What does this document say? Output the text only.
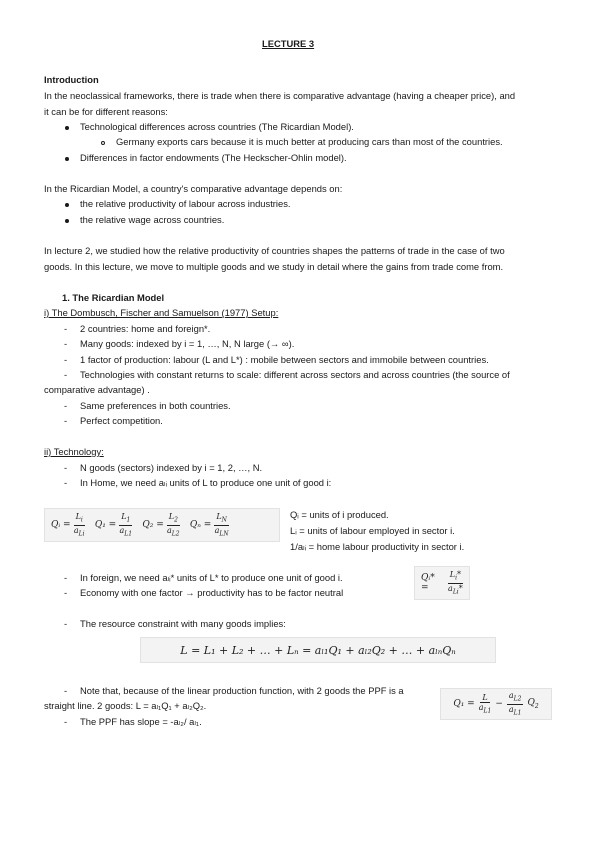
LECTURE 3
Introduction
In the neoclassical frameworks, there is trade when there is comparative advantage (having a cheaper price), and
it can be for different reasons:
Technological differences across countries (The Ricardian Model).
Germany exports cars because it is much better at producing cars than most of the countries.
Differences in factor endowments (The Heckscher-Ohlin model).
In the Ricardian Model, a country's comparative advantage depends on:
the relative productivity of labour across industries.
the relative wage across countries.
In lecture 2, we studied how the relative productivity of countries shapes the patterns of trade in the case of two
goods. In this lecture, we move to multiple goods and we study in detail where the gains from trade come from.
1. The Ricardian Model
i) The Dombusch, Fischer and Samuelson (1977) Setup:
- 2 countries: home and foreign*.
- Many goods: indexed by i = 1, …, N, N large (→ ∞).
- 1 factor of production: labour (L and L*) : mobile between sectors and immobile between countries.
- Technologies with constant returns to scale: different across sectors and across countries (the source of
comparative advantage) .
- Same preferences in both countries.
- Perfect competition.
ii) Technology:
- N goods (sectors) indexed by i = 1, 2, …, N.
- In Home, we need aₗᵢ units of L to produce one unit of good i:
Qᵢ = $\frac{L_i}{a_{Li}} Q_1 = \frac{L_1}{a_{L1}} Q_2 = \frac{L_2}{a_{L2}}$ $Q_n = \frac{L_N}{a_{LN}}$	Qᵢ = units of i produced.
Lᵢ = units of labour employed in sector i.
1/aₗᵢ = home labour productivity in sector i.
- In foreign, we need aₗᵢ* units of L* to produce one unit of good i.
- Economy with one factor → productivity has to be factor neutral
Qᵢ* =	$\frac{L_i*}{a_{Li}*}$
- The resource constraint with many goods implies:
L = L₁ + L₂ + … + Lₙ = aₗ₁Q₁ + aₗ₂Q₂ + … + aₗₙQₙ
- Note that, because of the linear production function, with 2 goods the PPF is a
straight line. 2 goods: L = aₗ₁Q₁ + aₗ₂Q₂.
- The PPF has slope = -aₗ₂/ aₗ₁.
$Q_1 = \frac{L}{a_{L1}} - \frac{a_{L2}}{a_{L1}} Q_2$
